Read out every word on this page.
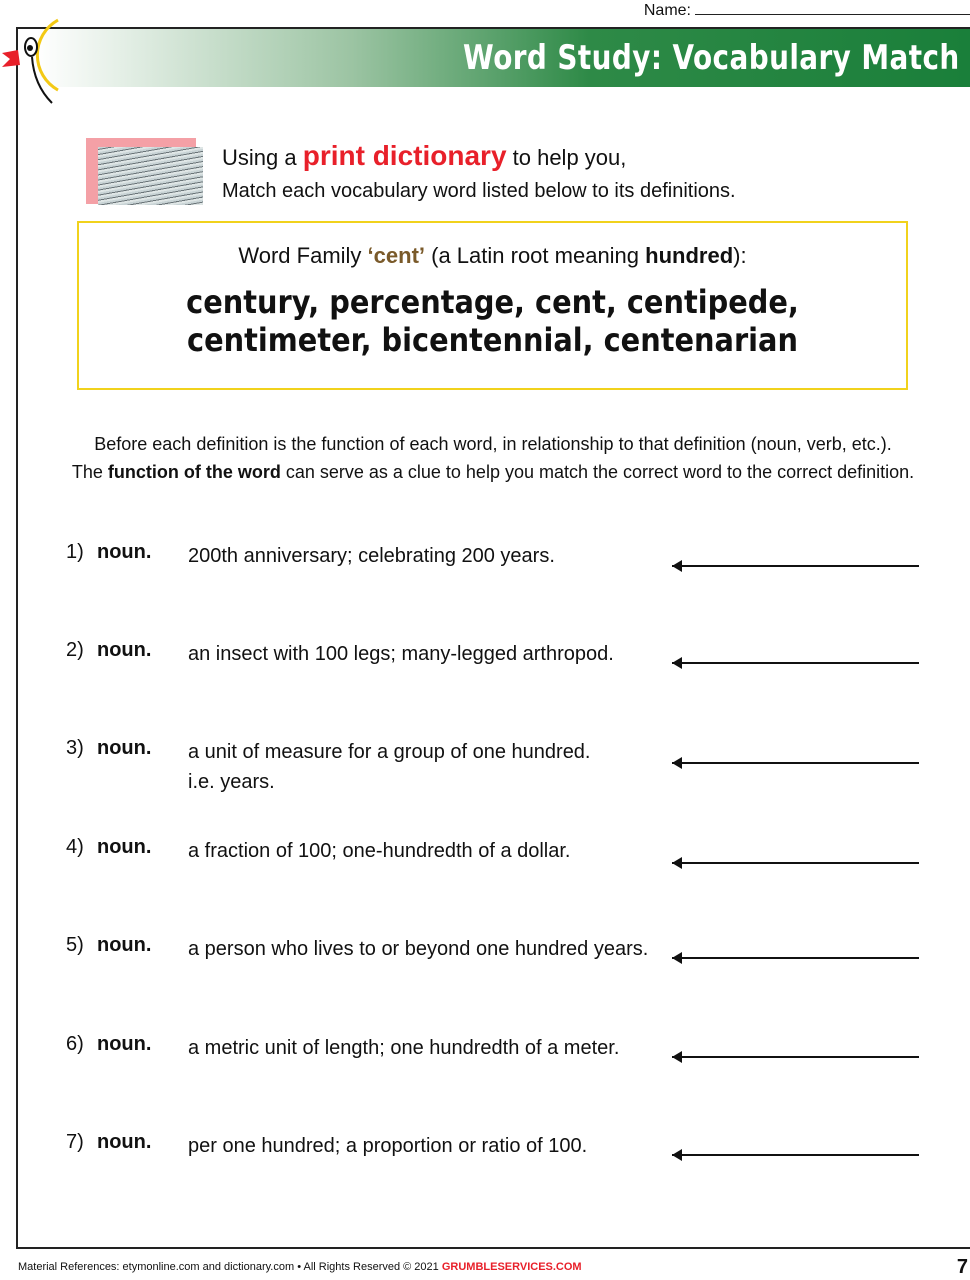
Name:
Word Study: Vocabulary Match
Using a print dictionary to help you,
Match each vocabulary word listed below to its definitions.
Word Family ‘cent’ (a Latin root meaning hundred):
century, percentage, cent, centipede,
centimeter, bicentennial, centenarian
Before each definition is the function of each word, in relationship to that definition (noun, verb, etc.).
The function of the word can serve as a clue to help you match the correct word to the correct definition.
1) noun. 200th anniversary; celebrating 200 years.
2) noun. an insect with 100 legs; many-legged arthropod.
3) noun. a unit of measure for a group of one hundred.
i.e. years.
4) noun. a fraction of 100; one-hundredth of a dollar.
5) noun. a person who lives to or beyond one hundred years.
6) noun. a metric unit of length; one hundredth of a meter.
7) noun. per one hundred; a proportion or ratio of 100.
Material References: etymonline.com and dictionary.com • All Rights Reserved © 2021 GRUMBLESERVICES.COM	7
